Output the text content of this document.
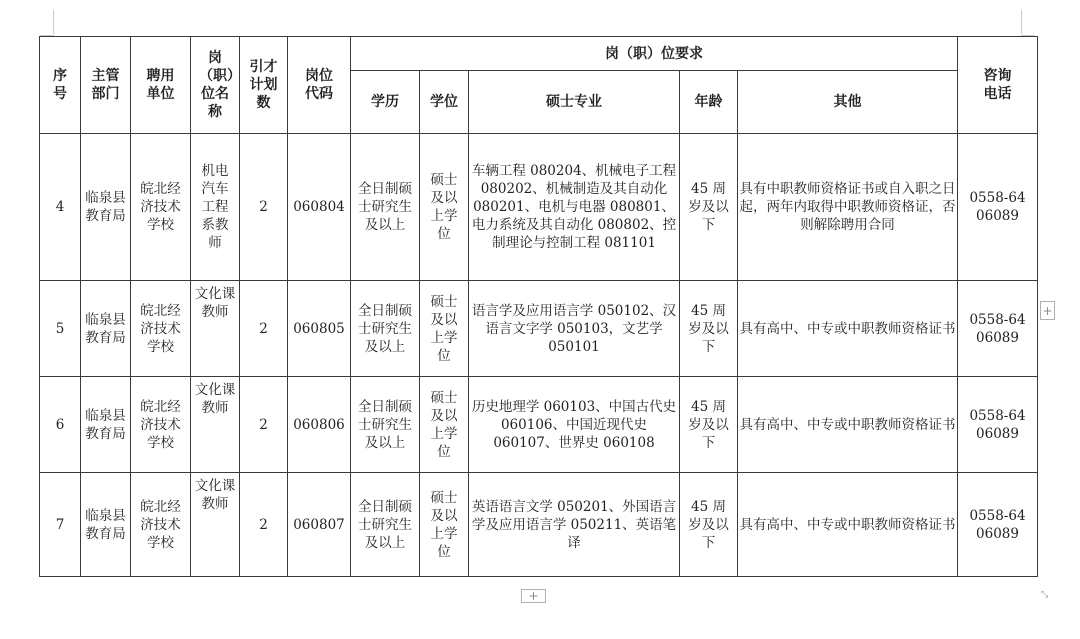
序号	主管部门	聘用单位	岗（职）位名称	引才计划数	岗位代码	岗（职）位要求					咨询电话
						学历	学位	硕士专业	年龄	其他	
4	临泉县教育局	皖北经济技术学校	机电汽车工程系教师	2	060804	全日制硕士研究生及以上	硕士及以上学位	车辆工程 080204、机械电子工程 080202、机械制造及其自动化 080201、电机与电器 080801、电力系统及其自动化 080802、控制理论与控制工程 081101	45 周岁及以下	具有中职教师资格证书或自入职之日起，两年内取得中职教师资格证，否则解除聘用合同	0558-6406089
5	临泉县教育局	皖北经济技术学校	文化课教师	2	060805	全日制硕士研究生及以上	硕士及以上学位	语言学及应用语言学 050102、汉语言文字学 050103，文艺学 050101	45 周岁及以下	具有高中、中专或中职教师资格证书	0558-6406089
6	临泉县教育局	皖北经济技术学校	文化课教师	2	060806	全日制硕士研究生及以上	硕士及以上学位	历史地理学 060103、中国古代史 060106、中国近现代史 060107、世界史 060108	45 周岁及以下	具有高中、中专或中职教师资格证书	0558-6406089
7	临泉县教育局	皖北经济技术学校	文化课教师	2	060807	全日制硕士研究生及以上	硕士及以上学位	英语语言文学 050201、外国语言学及应用语言学 050211、英语笔译	45 周岁及以下	具有高中、中专或中职教师资格证书	0558-6406089
+
+	⤡
